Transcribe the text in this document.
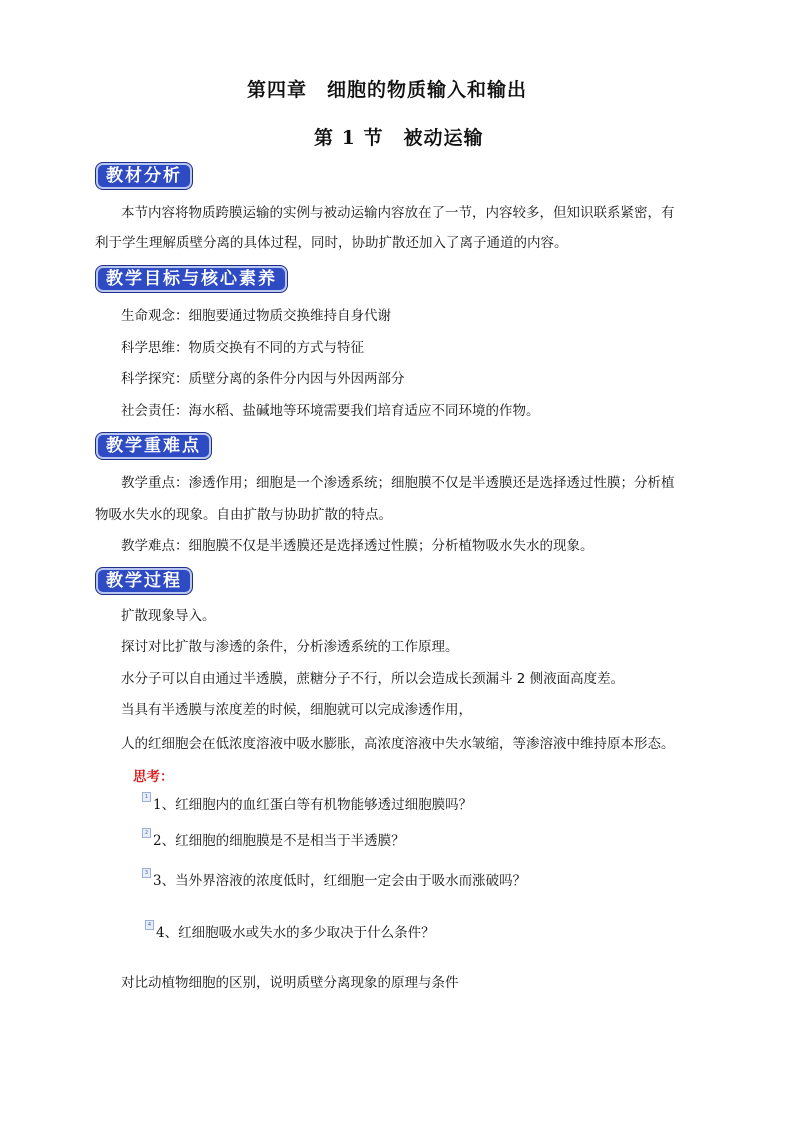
第四章　细胞的物质输入和输出
第 1 节　被动运输
教材分析
本节内容将物质跨膜运输的实例与被动运输内容放在了一节，内容较多，但知识联系紧密，有
利于学生理解质壁分离的具体过程，同时，协助扩散还加入了离子通道的内容。
教学目标与核心素养
生命观念：细胞要通过物质交换维持自身代谢
科学思维：物质交换有不同的方式与特征
科学探究：质壁分离的条件分内因与外因两部分
社会责任：海水稻、盐碱地等环境需要我们培育适应不同环境的作物。
教学重难点
教学重点：渗透作用；细胞是一个渗透系统；细胞膜不仅是半透膜还是选择透过性膜；分析植
物吸水失水的现象。自由扩散与协助扩散的特点。
教学难点：细胞膜不仅是半透膜还是选择透过性膜；分析植物吸水失水的现象。
教学过程
扩散现象导入。
探讨对比扩散与渗透的条件，分析渗透系统的工作原理。
水分子可以自由通过半透膜，蔗糖分子不行，所以会造成长颈漏斗 2 侧液面高度差。
当具有半透膜与浓度差的时候，细胞就可以完成渗透作用，
人的红细胞会在低浓度溶液中吸水膨胀，高浓度溶液中失水皱缩，等渗溶液中维持原本形态。
思考：
1 1、红细胞内的血红蛋白等有机物能够透过细胞膜吗？
2 2、红细胞的细胞膜是不是相当于半透膜？
3 3、当外界溶液的浓度低时，红细胞一定会由于吸水而涨破吗？
4 4、红细胞吸水或失水的多少取决于什么条件？
对比动植物细胞的区别，说明质壁分离现象的原理与条件
